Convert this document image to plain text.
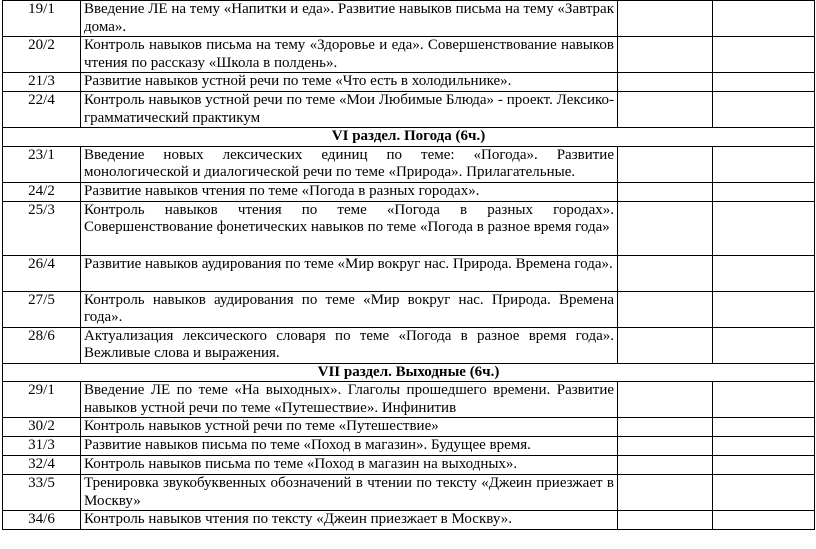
19/1	Введение ЛЕ на тему «Напитки и еда». Развитие навыков письма на тему «Завтрак дома».		
20/2	Контроль навыков письма на тему «Здоровье и еда». Совершенствование навыков чтения по рассказу «Школа в полдень».		
21/3	Развитие навыков устной речи по теме «Что есть в холодильнике».		
22/4	Контроль навыков устной речи по теме «Мои Любимые Блюда» - проект. Лексико-грамматический практикум		
VI раздел. Погода (6ч.)			
23/1	Введение новых лексических единиц по теме: «Погода». Развитие монологической и диалогической речи по теме «Природа». Прилагательные.		
24/2	Развитие навыков чтения по теме «Погода в разных городах».		
25/3	Контроль навыков чтения по теме «Погода в разных городах». Совершенствование фонетических навыков по теме «Погода в разное время года»		
26/4	Развитие навыков аудирования по теме «Мир вокруг нас. Природа. Времена года».		
27/5	Контроль навыков аудирования по теме «Мир вокруг нас. Природа. Времена года».		
28/6	Актуализация лексического словаря по теме «Погода в разное время года». Вежливые слова и выражения.		
VII раздел. Выходные (6ч.)			
29/1	Введение ЛЕ по теме «На выходных». Глаголы прошедшего времени. Развитие навыков устной речи по теме «Путешествие». Инфинитив		
30/2	Контроль навыков устной речи по теме «Путешествие»		
31/3	Развитие навыков письма по теме «Поход в магазин». Будущее время.		
32/4	Контроль навыков письма по теме «Поход в магазин на выходных».		
33/5	Тренировка звукобуквенных обозначений в чтении по тексту «Джеин приезжает в Москву»		
34/6	Контроль навыков чтения по тексту «Джеин приезжает в Москву».		
